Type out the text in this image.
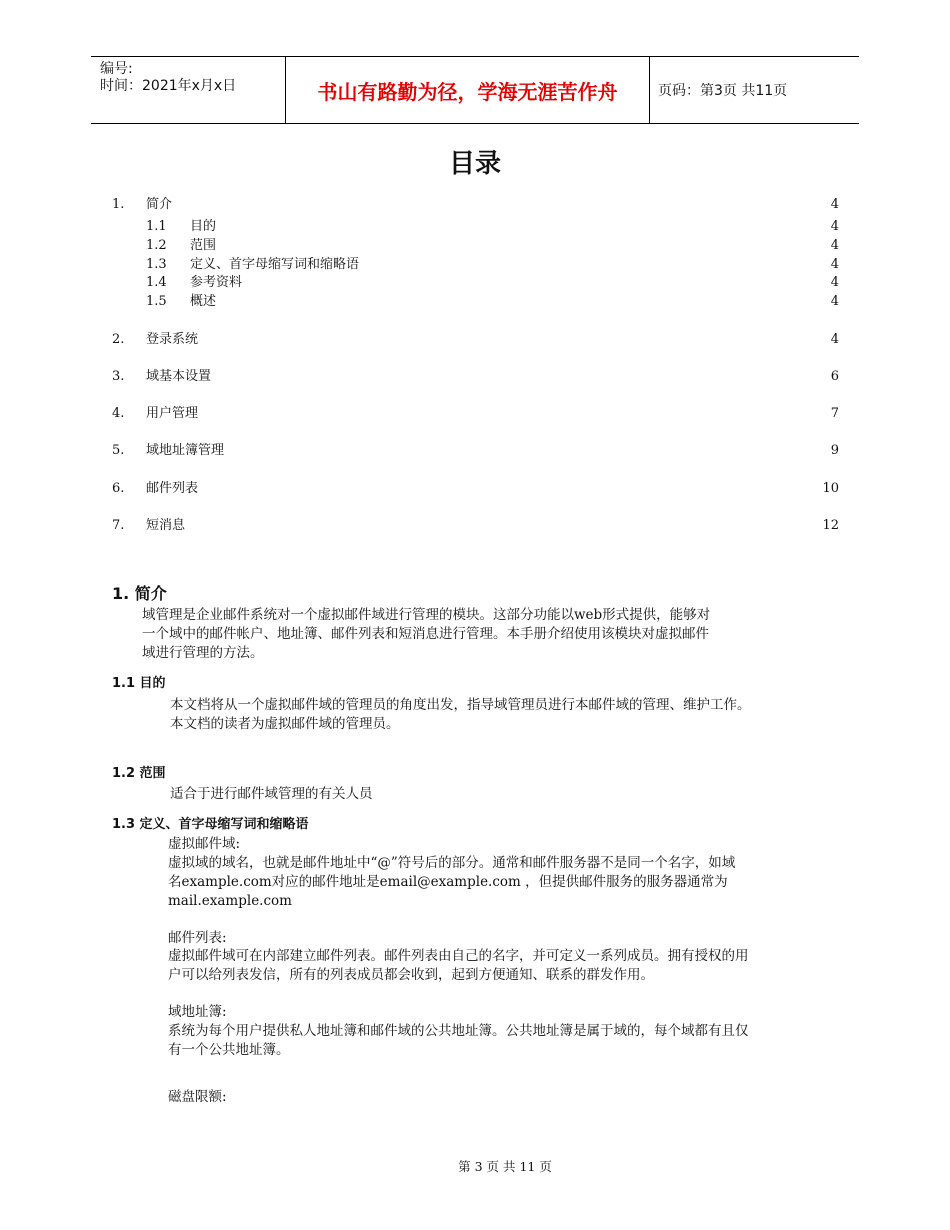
编号:
时间：2021年x月x日	书山有路勤为径，学海无涯苦作舟	页码：第3页 共11页
目录
1. 简介	4
1.1 目的	4
1.2 范围	4
1.3 定义、首字母缩写词和缩略语	4
1.4 参考资料	4
1.5 概述	4
2. 登录系统	4
3. 域基本设置	6
4. 用户管理	7
5. 域地址簿管理	9
6. 邮件列表	10
7. 短消息	12
1. 简介
域管理是企业邮件系统对一个虚拟邮件域进行管理的模块。这部分功能以web形式提供，能够对
一个域中的邮件帐户、地址簿、邮件列表和短消息进行管理。本手册介绍使用该模块对虚拟邮件
域进行管理的方法。
1.1 目的
本文档将从一个虚拟邮件域的管理员的角度出发，指导域管理员进行本邮件域的管理、维护工作。
本文档的读者为虚拟邮件域的管理员。
1.2 范围
适合于进行邮件域管理的有关人员
1.3 定义、首字母缩写词和缩略语
虚拟邮件域:
虚拟域的域名，也就是邮件地址中“@”符号后的部分。通常和邮件服务器不是同一个名字，如域
名example.com对应的邮件地址是email@example.com ，但提供邮件服务的服务器通常为
mail.example.com
邮件列表:
虚拟邮件域可在内部建立邮件列表。邮件列表由自己的名字，并可定义一系列成员。拥有授权的用
户可以给列表发信，所有的列表成员都会收到，起到方便通知、联系的群发作用。
域地址簿:
系统为每个用户提供私人地址簿和邮件域的公共地址簿。公共地址簿是属于域的，每个域都有且仅
有一个公共地址簿。
磁盘限额:
第 3 页 共 11 页
